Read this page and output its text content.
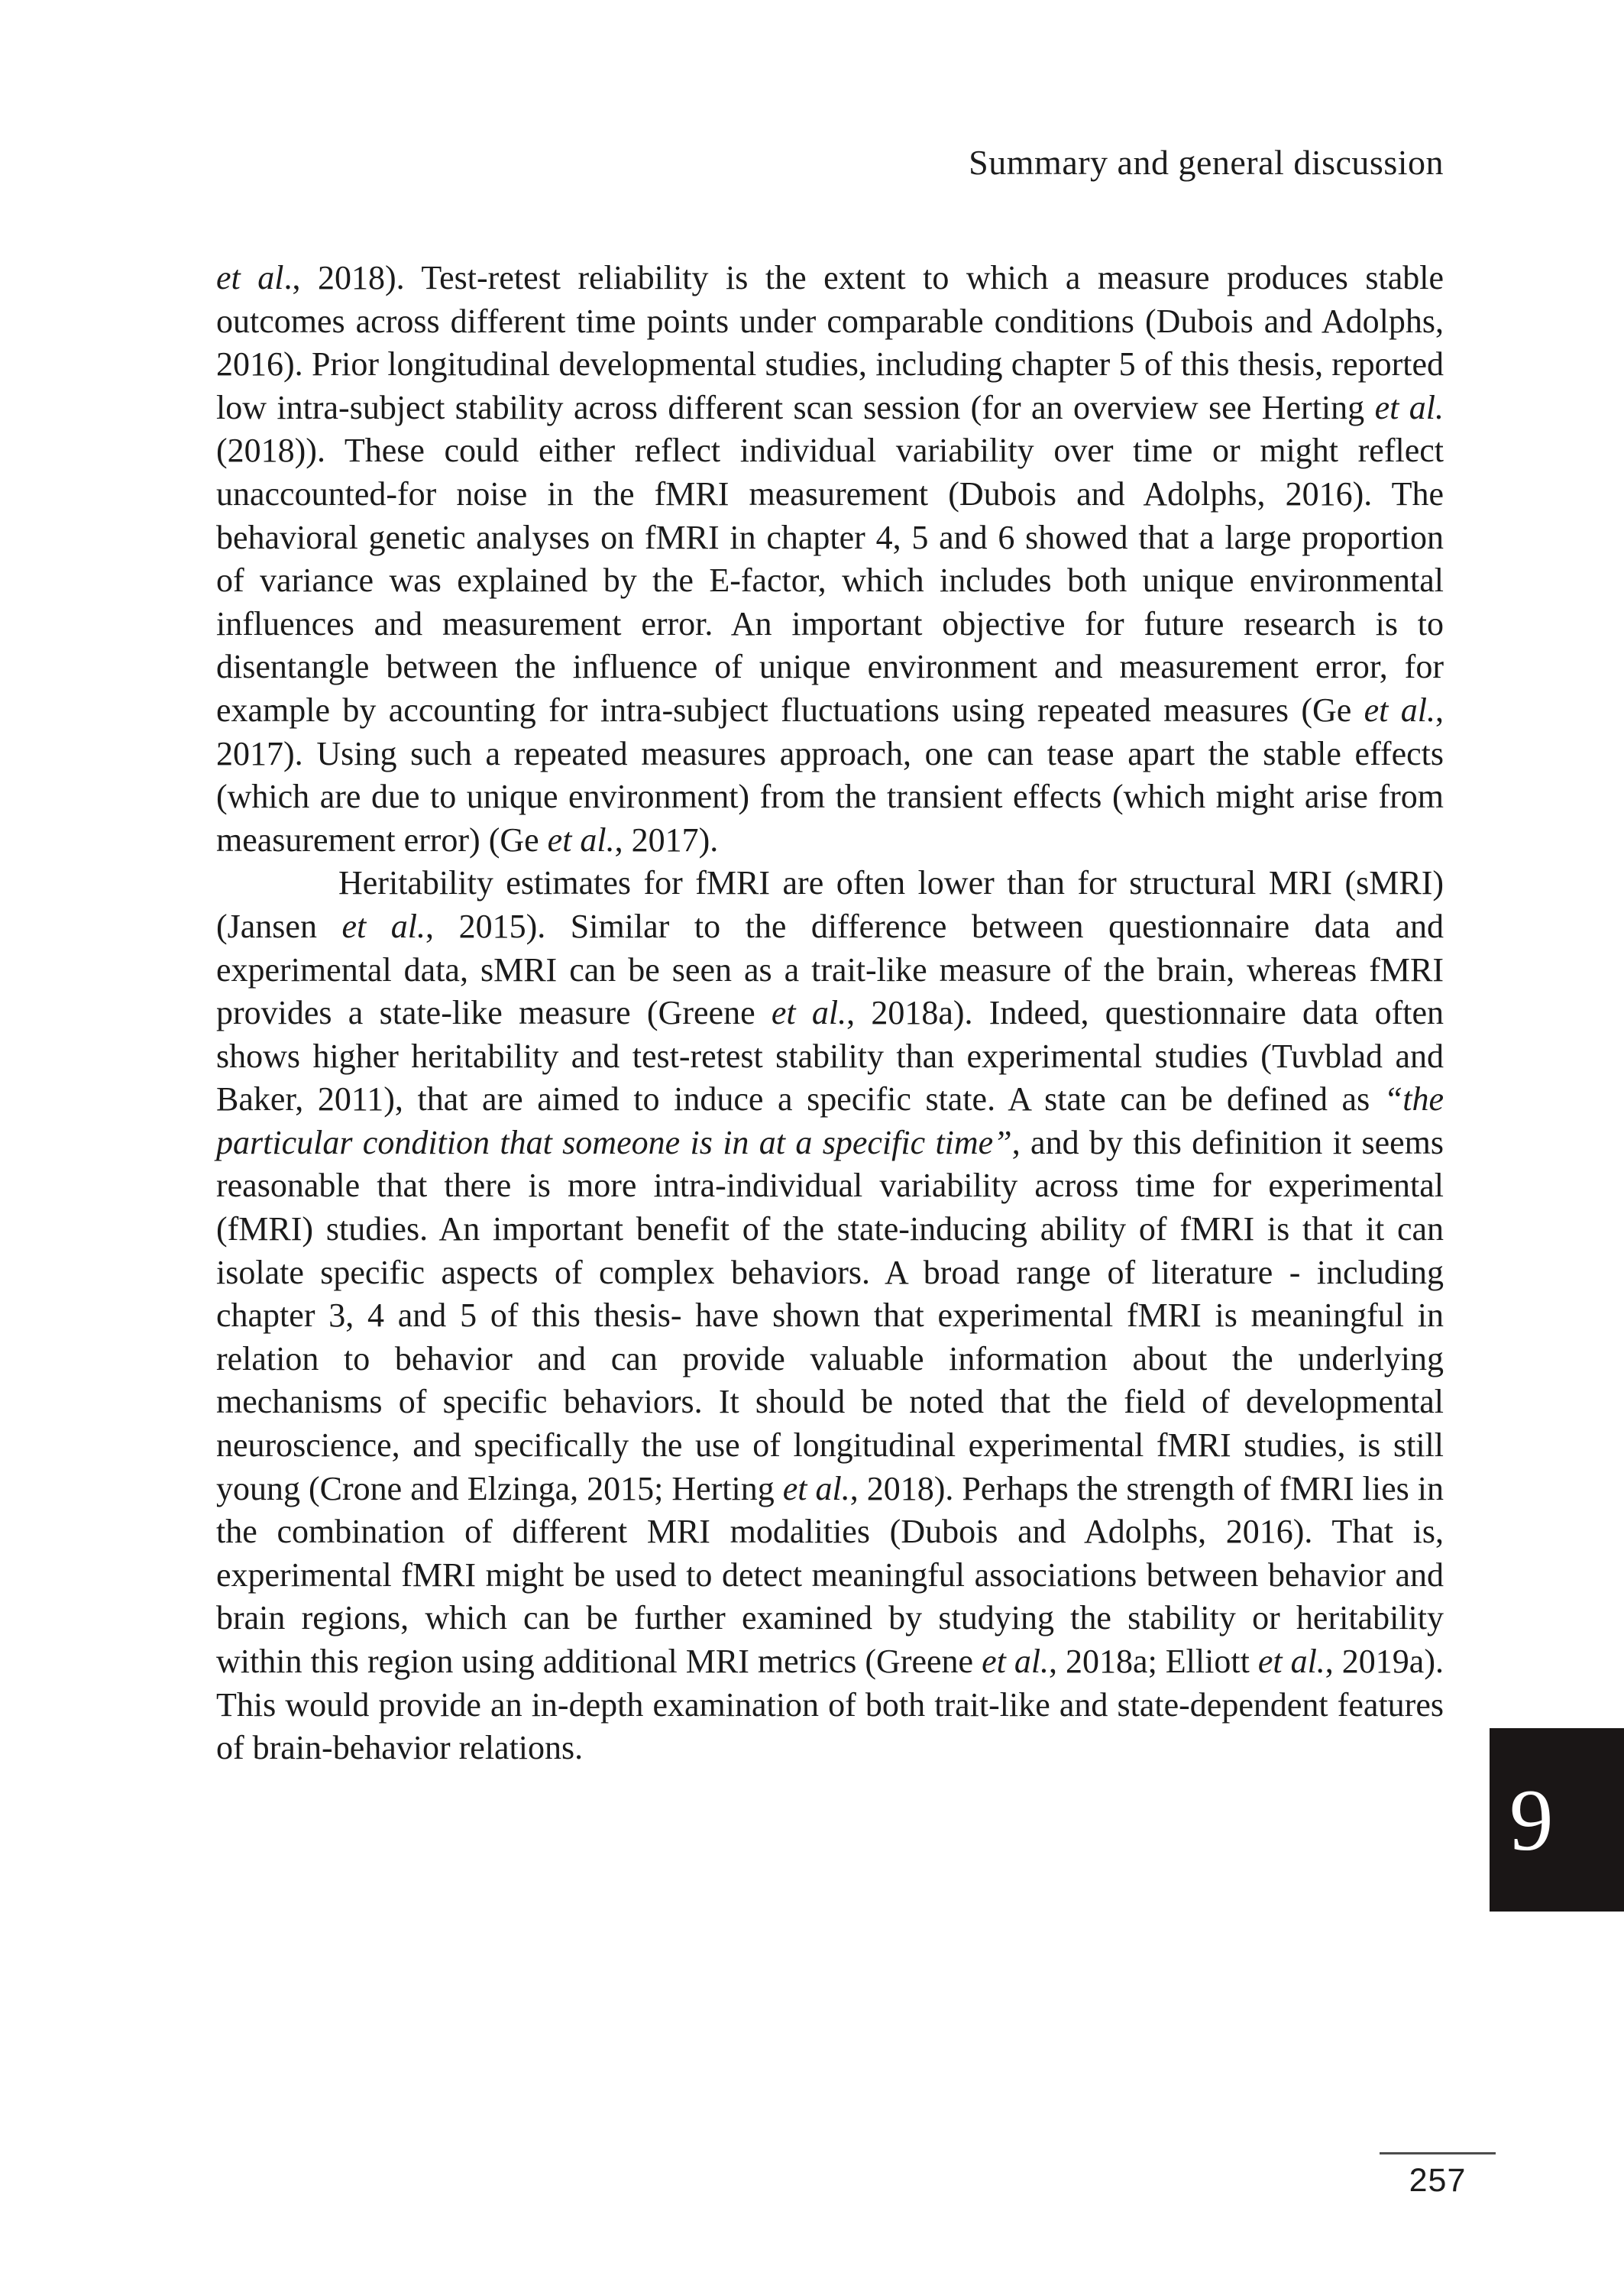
Summary and general discussion

et al., 2018). Test-retest reliability is the extent to which a measure produces stable outcomes across different time points under comparable conditions (Dubois and Adolphs, 2016). Prior longitudinal developmental studies, including chapter 5 of this thesis, reported low intra-subject stability across different scan session (for an overview see Herting et al. (2018)). These could either reflect individual variability over time or might reflect unaccounted-for noise in the fMRI measurement (Dubois and Adolphs, 2016). The behavioral genetic analyses on fMRI in chapter 4, 5 and 6 showed that a large proportion of variance was explained by the E-factor, which includes both unique environmental influences and measurement error. An important objective for future research is to disentangle between the influence of unique environment and measurement error, for example by accounting for intra-subject fluctuations using repeated measures (Ge et al., 2017). Using such a repeated measures approach, one can tease apart the stable effects (which are due to unique environment) from the transient effects (which might arise from measurement error) (Ge et al., 2017).

Heritability estimates for fMRI are often lower than for structural MRI (sMRI) (Jansen et al., 2015). Similar to the difference between questionnaire data and experimental data, sMRI can be seen as a trait-like measure of the brain, whereas fMRI provides a state-like measure (Greene et al., 2018a). Indeed, questionnaire data often shows higher heritability and test-retest stability than experimental studies (Tuvblad and Baker, 2011), that are aimed to induce a specific state. A state can be defined as “the particular condition that someone is in at a specific time”, and by this definition it seems reasonable that there is more intra-individual variability across time for experimental (fMRI) studies. An important benefit of the state-inducing ability of fMRI is that it can isolate specific aspects of complex behaviors. A broad range of literature - including chapter 3, 4 and 5 of this thesis- have shown that experimental fMRI is meaningful in relation to behavior and can provide valuable information about the underlying mechanisms of specific behaviors. It should be noted that the field of developmental neuroscience, and specifically the use of longitudinal experimental fMRI studies, is still young (Crone and Elzinga, 2015; Herting et al., 2018). Perhaps the strength of fMRI lies in the combination of different MRI modalities (Dubois and Adolphs, 2016). That is, experimental fMRI might be used to detect meaningful associations between behavior and brain regions, which can be further examined by studying the stability or heritability within this region using additional MRI metrics (Greene et al., 2018a; Elliott et al., 2019a). This would provide an in-depth examination of both trait-like and state-dependent features of brain-behavior relations.

9
257
